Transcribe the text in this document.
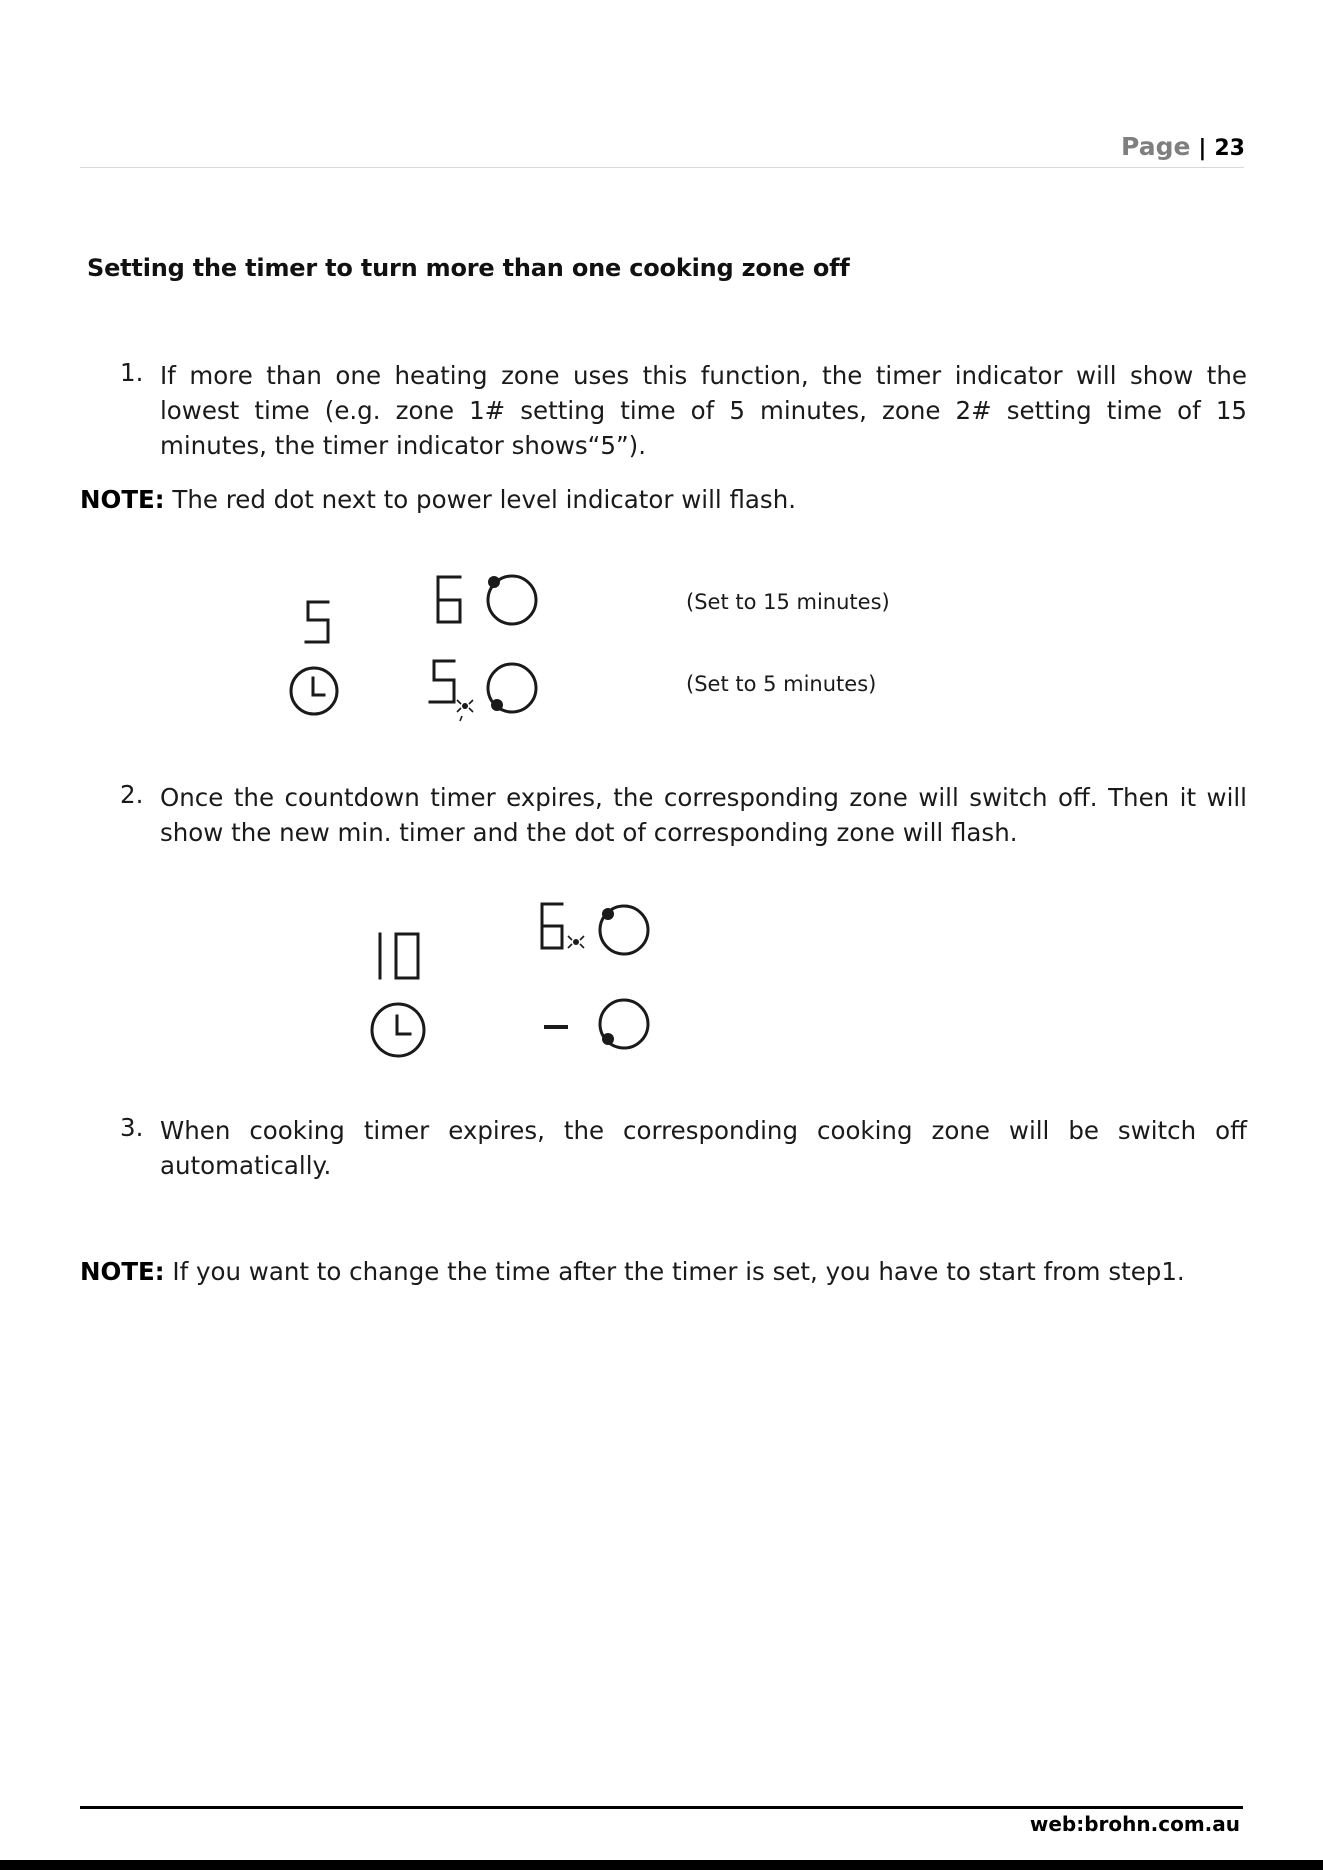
Page | 23
Setting the timer to turn more than one cooking zone off
1. If more than one heating zone uses this function, the timer indicator will show the lowest time (e.g. zone 1# setting time of 5 minutes, zone 2# setting time of 15 minutes, the timer indicator shows“5”).
NOTE: The red dot next to power level indicator will flash.
(Set to 15 minutes)
(Set to 5 minutes)
2. Once the countdown timer expires, the corresponding zone will switch off. Then it will show the new min. timer and the dot of corresponding zone will flash.
3. When cooking timer expires, the corresponding cooking zone will be switch off automatically.
NOTE: If you want to change the time after the timer is set, you have to start from step1.
web:brohn.com.au
